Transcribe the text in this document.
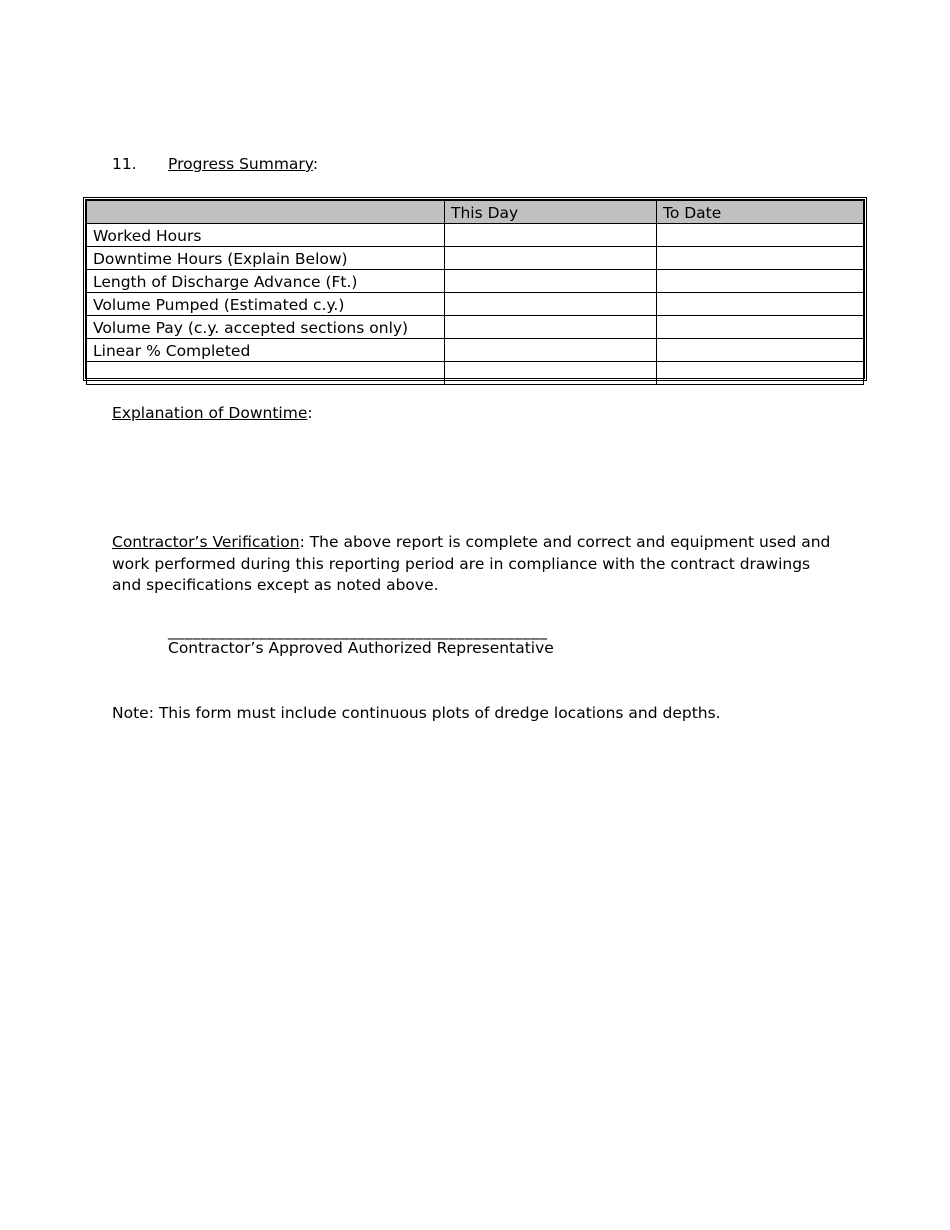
11. Progress Summary:
	This Day	To Date
Worked Hours		
Downtime Hours (Explain Below)		
Length of Discharge Advance (Ft.)		
Volume Pumped (Estimated c.y.)		
Volume Pay (c.y. accepted sections only)		
Linear % Completed		

Explanation of Downtime:
Contractor’s Verification: The above report is complete and correct and equipment used and work performed during this reporting period are in compliance with the contract drawings and specifications except as noted above.
______________________________________________
Contractor’s Approved Authorized Representative
Note: This form must include continuous plots of dredge locations and depths.
